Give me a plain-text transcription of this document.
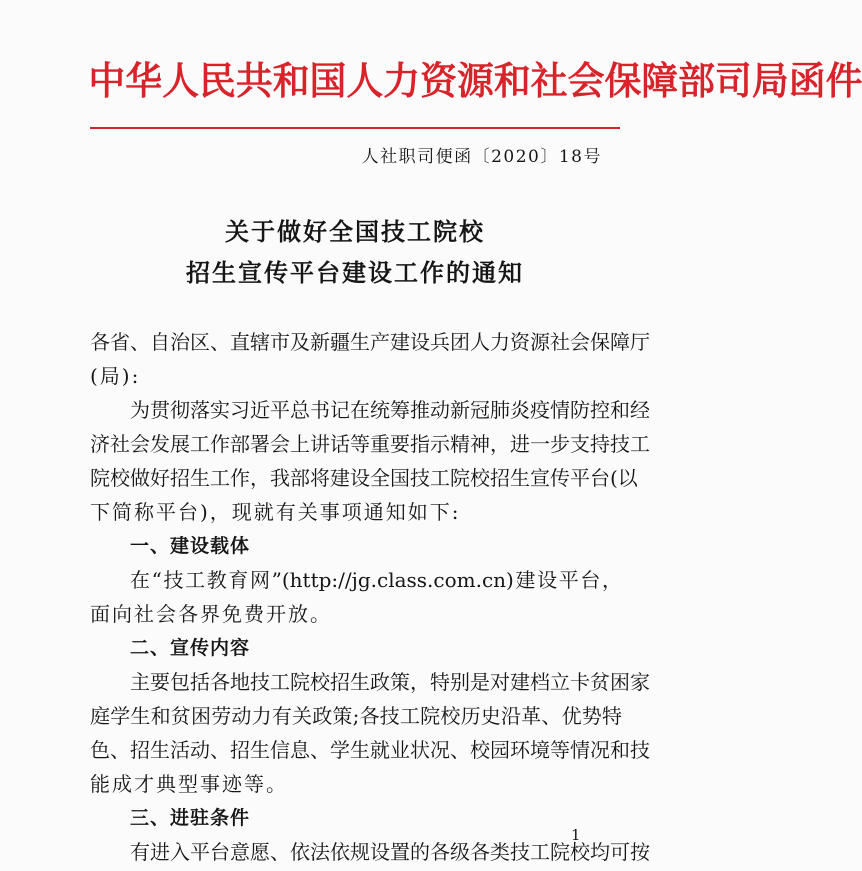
中华人民共和国人力资源和社会保障部司局函件
人社职司便函〔2020〕18号
关于做好全国技工院校
招生宣传平台建设工作的通知
各省、自治区、直辖市及新疆生产建设兵团人力资源社会保障厅
(局):
为贯彻落实习近平总书记在统筹推动新冠肺炎疫情防控和经
济社会发展工作部署会上讲话等重要指示精神，进一步支持技工
院校做好招生工作，我部将建设全国技工院校招生宣传平台(以
下简称平台)，现就有关事项通知如下:
一、建设载体
在“技工教育网”(http://jg.class.com.cn)建设平台，
面向社会各界免费开放。
二、宣传内容
主要包括各地技工院校招生政策，特别是对建档立卡贫困家
庭学生和贫困劳动力有关政策;各技工院校历史沿革、优势特
色、招生活动、招生信息、学生就业状况、校园环境等情况和技
能成才典型事迹等。
三、进驻条件
有进入平台意愿、依法依规设置的各级各类技工院校均可按
1
